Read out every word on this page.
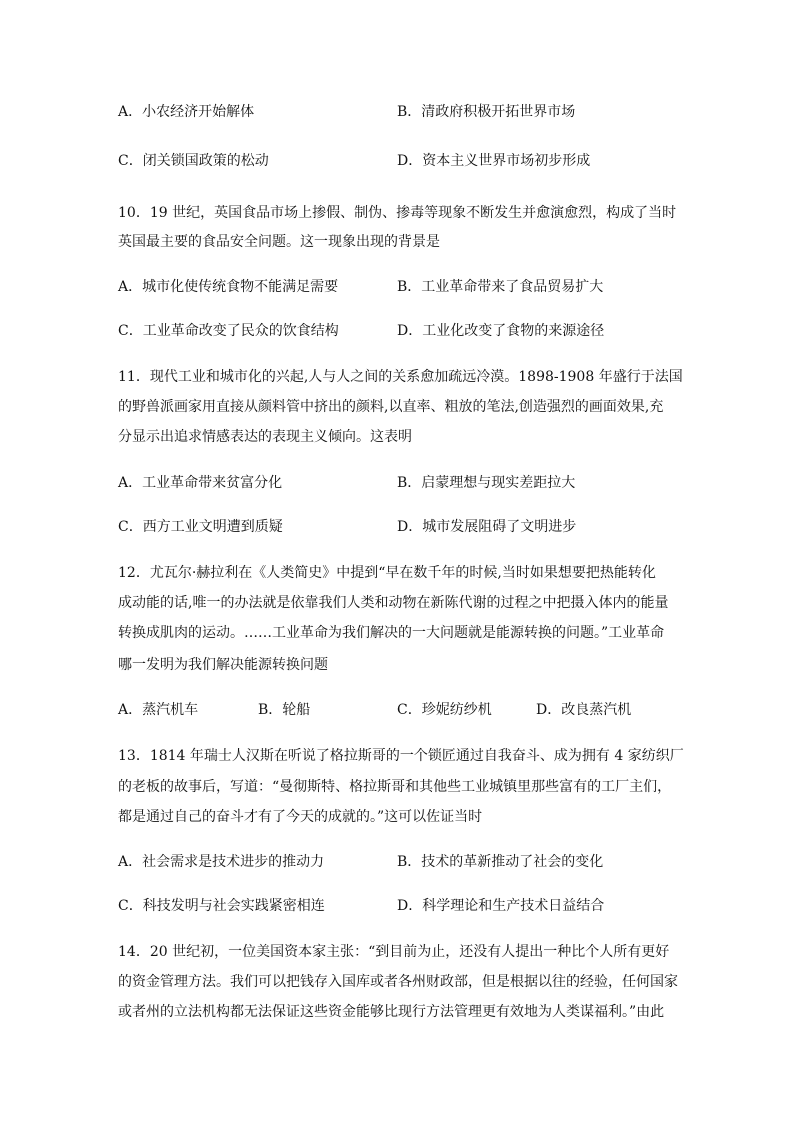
A．小农经济开始解体	B．清政府积极开拓世界市场
C．闭关锁国政策的松动	D．资本主义世界市场初步形成
10．19 世纪，英国食品市场上掺假、制伪、掺毒等现象不断发生并愈演愈烈，构成了当时
英国最主要的食品安全问题。这一现象出现的背景是
A．城市化使传统食物不能满足需要	B．工业革命带来了食品贸易扩大
C．工业革命改变了民众的饮食结构	D．工业化改变了食物的来源途径
11．现代工业和城市化的兴起,人与人之间的关系愈加疏远冷漠。1898-1908 年盛行于法国
的野兽派画家用直接从颜料管中挤出的颜料,以直率、粗放的笔法,创造强烈的画面效果,充
分显示出追求情感表达的表现主义倾向。这表明
A．工业革命带来贫富分化	B．启蒙理想与现实差距拉大
C．西方工业文明遭到质疑	D．城市发展阻碍了文明进步
12．尤瓦尔·赫拉利在《人类简史》中提到“早在数千年的时候,当时如果想要把热能转化
成动能的话,唯一的办法就是依靠我们人类和动物在新陈代谢的过程之中把摄入体内的能量
转换成肌肉的运动。……工业革命为我们解决的一大问题就是能源转换的问题。”工业革命
哪一发明为我们解决能源转换问题
A．蒸汽机车	B．轮船	C．珍妮纺纱机	D．改良蒸汽机
13．1814 年瑞士人汉斯在听说了格拉斯哥的一个锁匠通过自我奋斗、成为拥有 4 家纺织厂
的老板的故事后，写道：“曼彻斯特、格拉斯哥和其他些工业城镇里那些富有的工厂主们，
都是通过自己的奋斗才有了今天的成就的。”这可以佐证当时
A．社会需求是技术进步的推动力	B．技术的革新推动了社会的变化
C．科技发明与社会实践紧密相连	D．科学理论和生产技术日益结合
14．20 世纪初，一位美国资本家主张：“到目前为止，还没有人提出一种比个人所有更好
的资金管理方法。我们可以把钱存入国库或者各州财政部，但是根据以往的经验，任何国家
或者州的立法机构都无法保证这些资金能够比现行方法管理更有效地为人类谋福利。”由此
